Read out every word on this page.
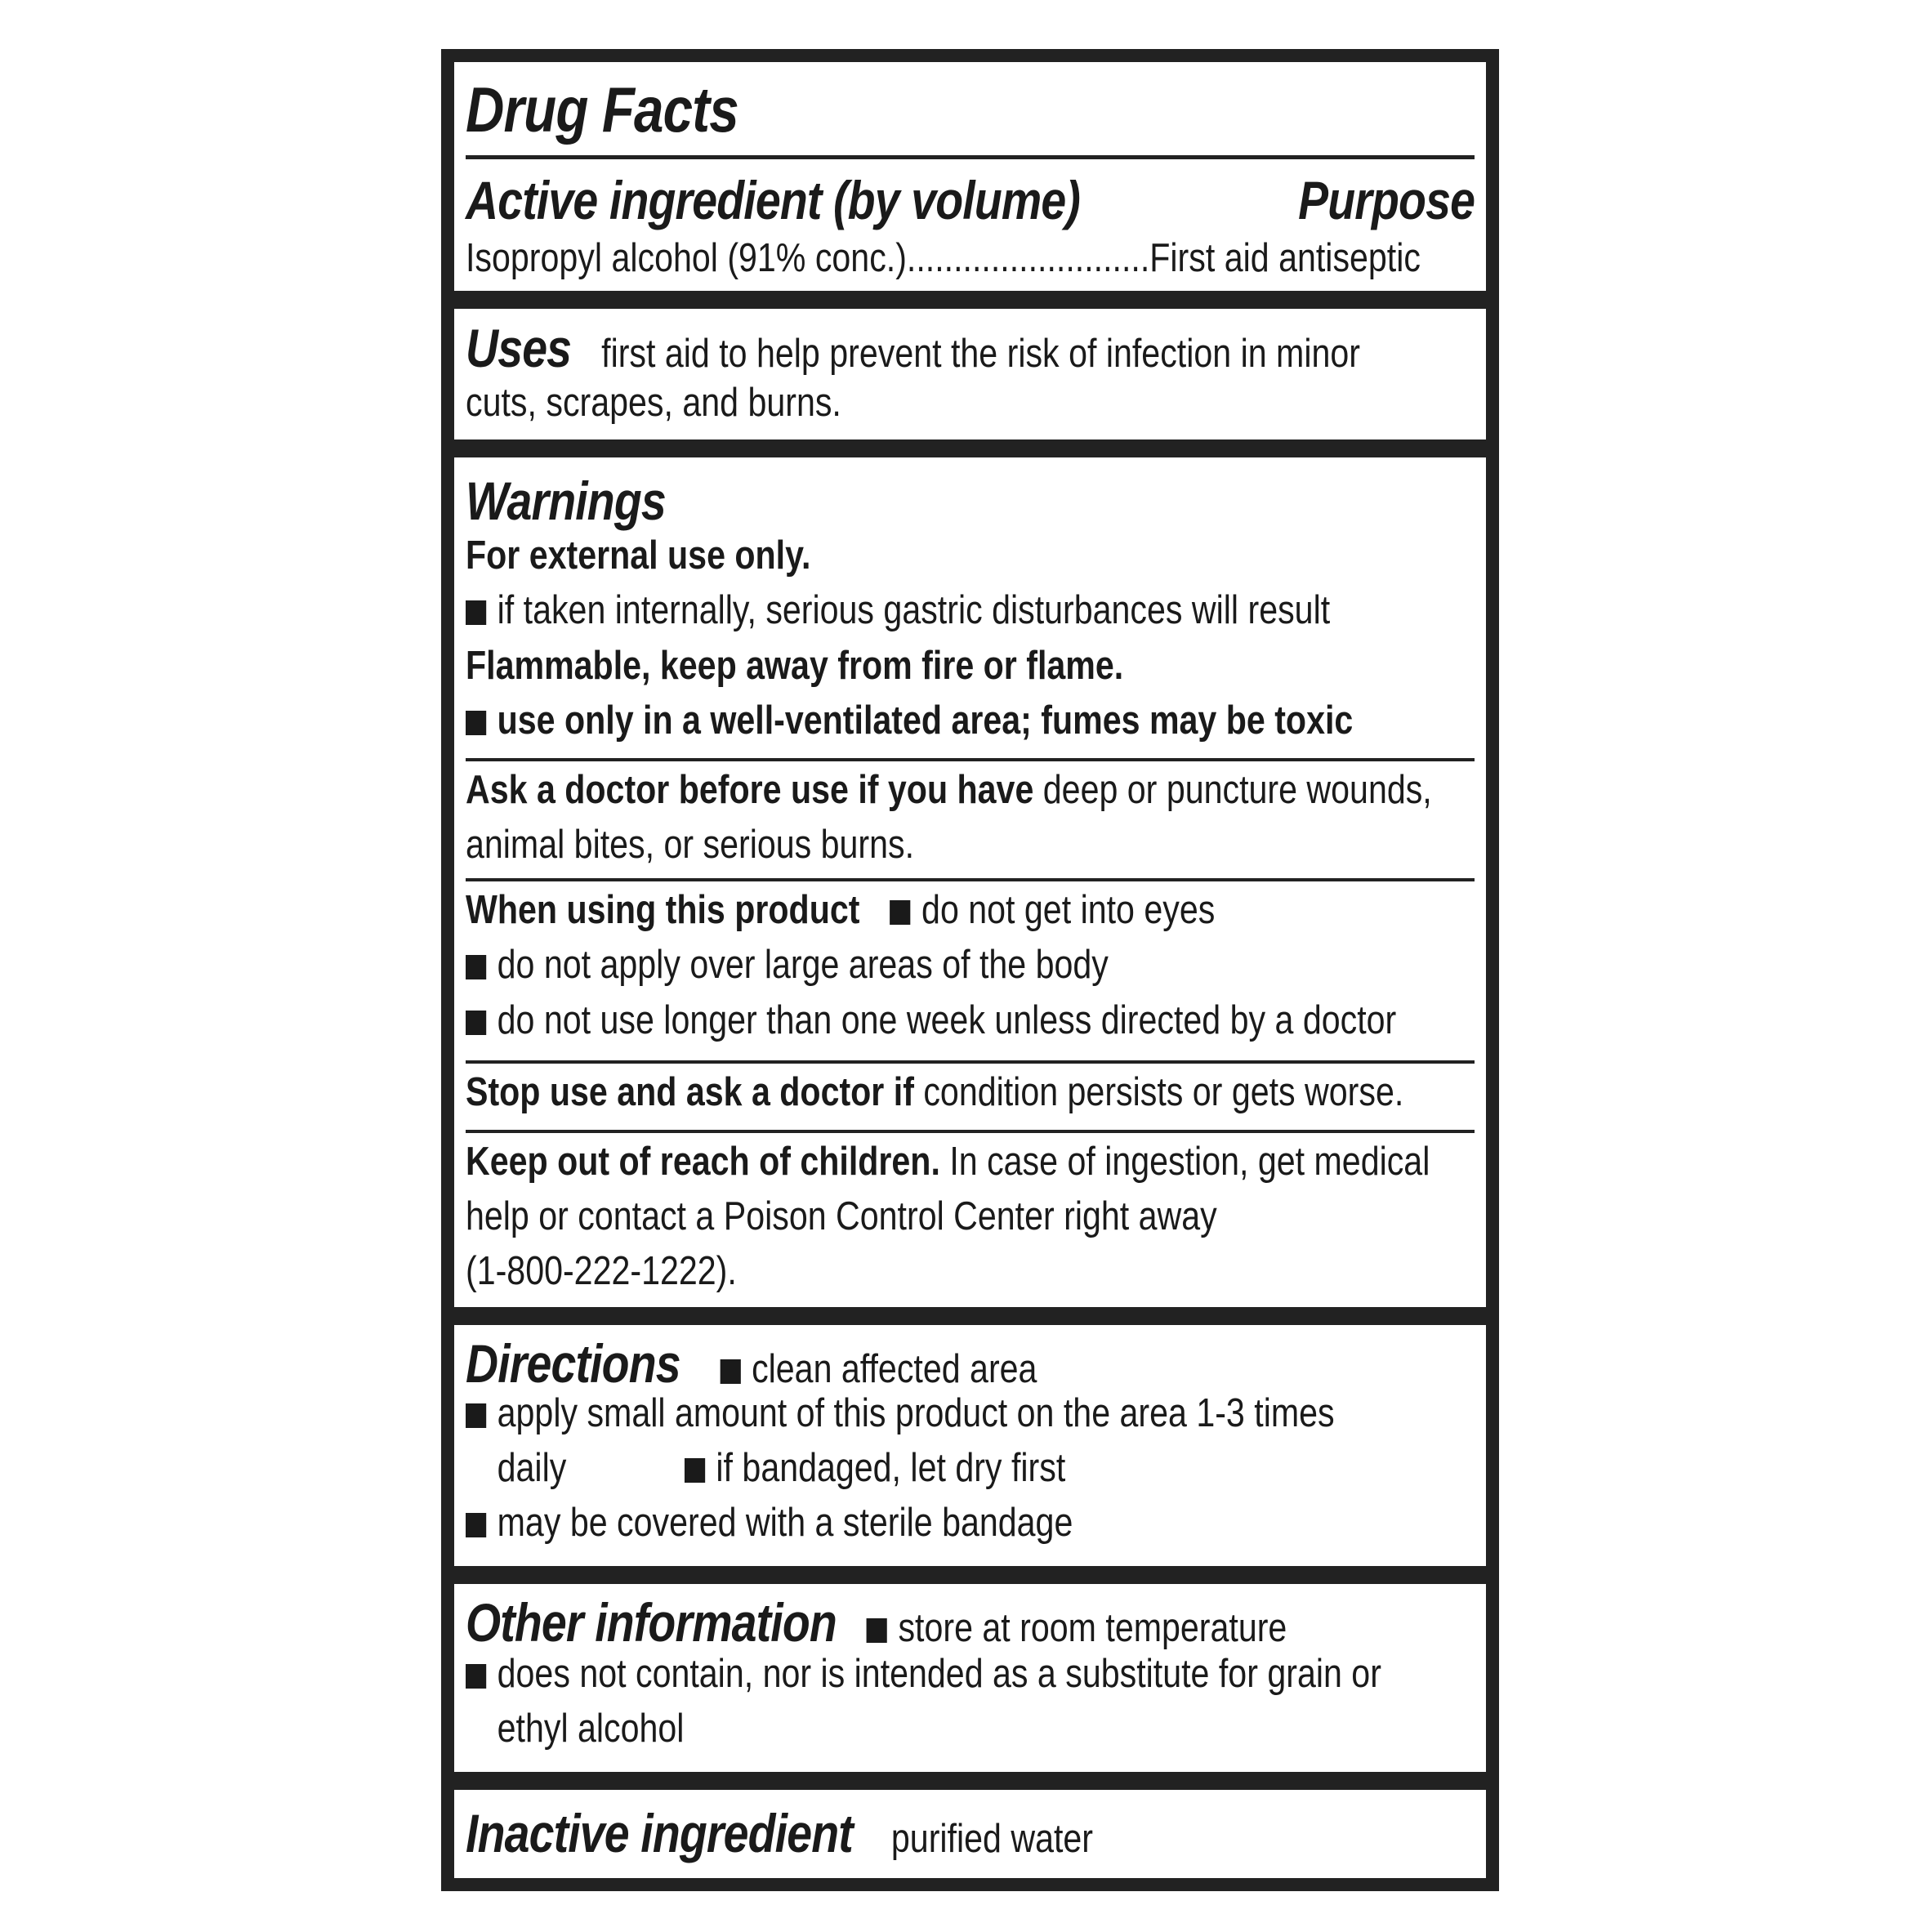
Drug Facts
Active ingredient (by volume)	Purpose
Isopropyl alcohol (91% conc.)..........................First aid antiseptic
Uses first aid to help prevent the risk of infection in minor
cuts, scrapes, and burns.
Warnings
For external use only.
if taken internally, serious gastric disturbances will result
Flammable, keep away from fire or flame.
use only in a well-ventilated area; fumes may be toxic
Ask a doctor before use if you have deep or puncture wounds,
animal bites, or serious burns.
When using this product do not get into eyes
do not apply over large areas of the body
do not use longer than one week unless directed by a doctor
Stop use and ask a doctor if condition persists or gets worse.
Keep out of reach of children. In case of ingestion, get medical
help or contact a Poison Control Center right away
(1-800-222-1222).
Directions clean affected area
apply small amount of this product on the area 1-3 times
daily	if bandaged, let dry first
may be covered with a sterile bandage
Other information store at room temperature
does not contain, nor is intended as a substitute for grain or
ethyl alcohol
Inactive ingredient purified water
